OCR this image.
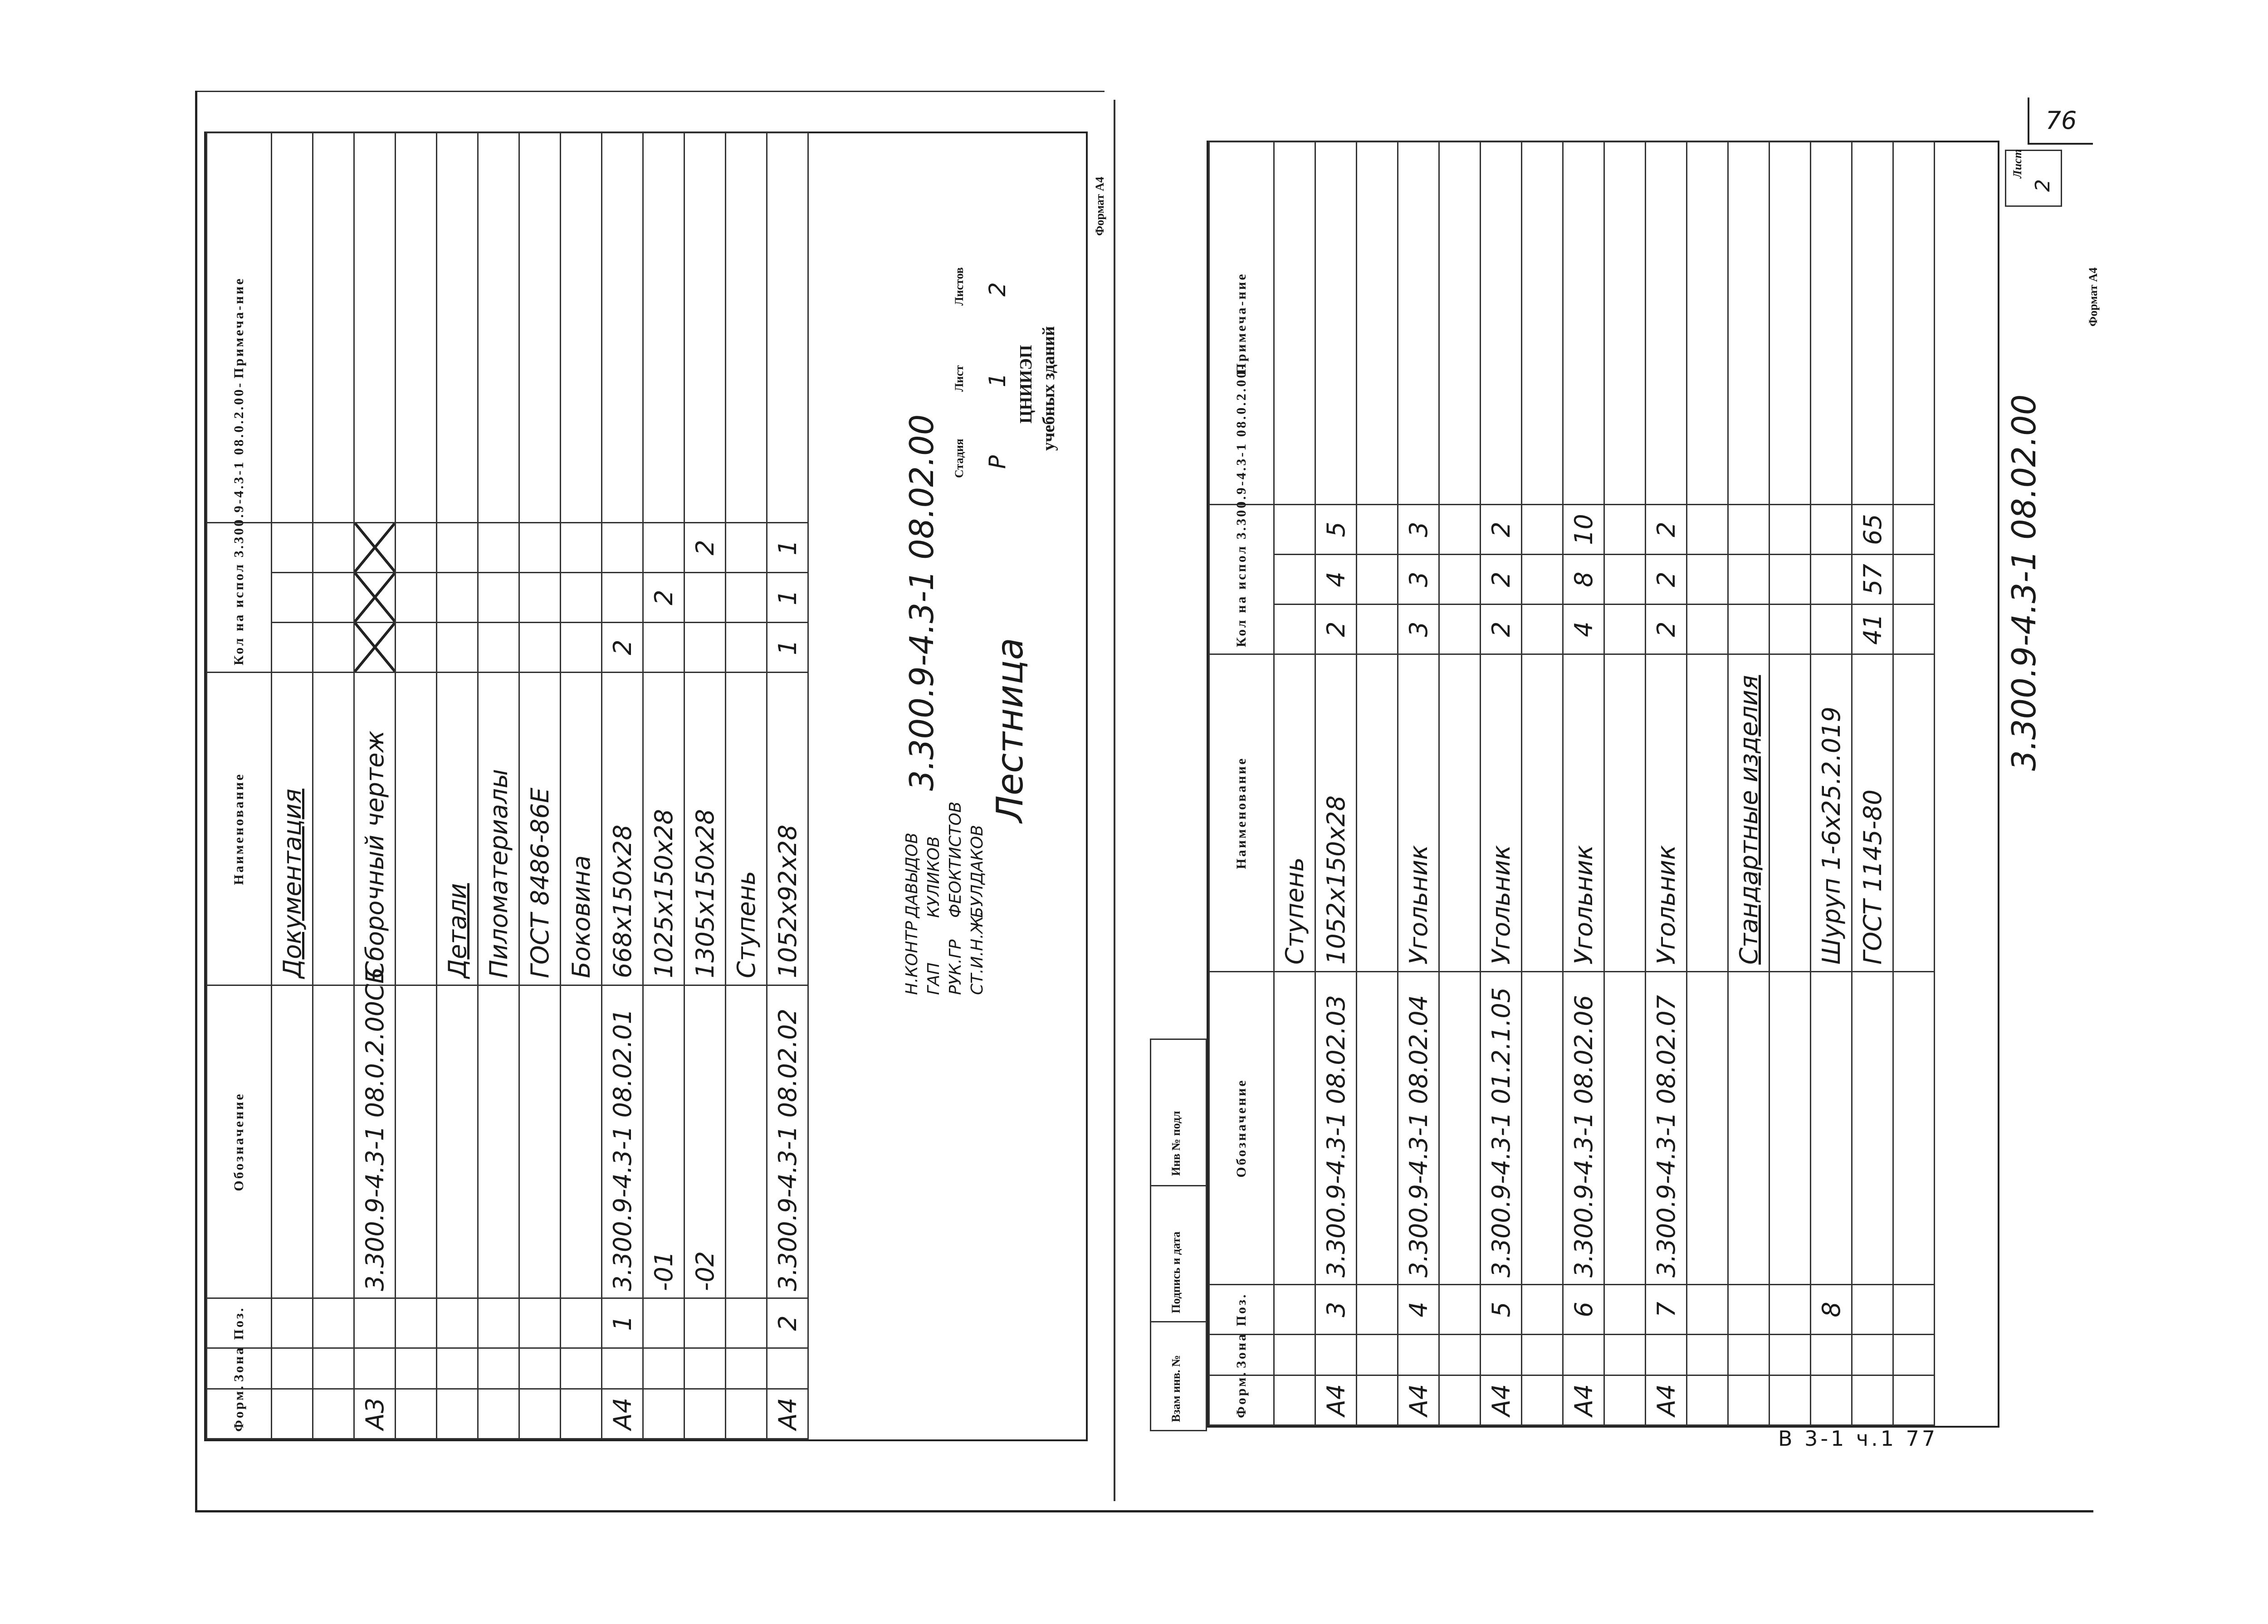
76
Форм.	Зона	Поз.	Обозначение	Наименование	Кол на испол 3.300.9-4.3-1 08.0.2.00-			Примеча-ние
				Документация				

А3			3.300.9-4.3-1 08.0.2.00СБ	Сборочный чертеж				

				Детали				
				Пиломатериалы				
				ГОСТ 8486-86Е				
				Боковина				
А4		1	3.300.9-4.3-1 08.02.01	668х150х28	2			
			-01	1025х150х28		2		
			-02	1305х150х28			2	
				Ступень				
А4		2	3.300.9-4.3-1 08.02.02	1052х92х28	1	1	1		3.300.9-4.3-1 08.02.00 Лестница
Стадия
Лист
Листов
Р
1
2
ЦНИИЭП учебных зданий
Н.КОНТР
ДАВЫДОВ
ГАП
КУЛИКОВ
РУК.ГР
ФЕОКТИСТОВ
СТ.И.Н.Ж.
БУЛДАКОВ
Формат А4
Форм.	Зона	Поз.	Обозначение	Наименование	Кол на испол 3.300.9-4.3-1 08.0.2.00-			Примеча-ние
				Ступень				
А4		3	3.300.9-4.3-1 08.02.03	1052х150х28	2	4	5	

А4		4	3.300.9-4.3-1 08.02.04	Угольник	3	3	3	

А4		5	3.300.9-4.3-1 01.2.1.05	Угольник	2	2	2	

А4		6	3.300.9-4.3-1 08.02.06	Угольник	4	8	10	

А4		7	3.300.9-4.3-1 08.02.07	Угольник	2	2	2	

				Стандартные изделия				

		8		Шуруп 1-6х25.2.019				
				ГОСТ 1145-80	41	57	65	
									3.300.9-4.3-1 08.02.00
Лист
2
Формат А4
Инв № подл
Подпись и дата
Взам инв. №
В 3-1 ч.1 77
